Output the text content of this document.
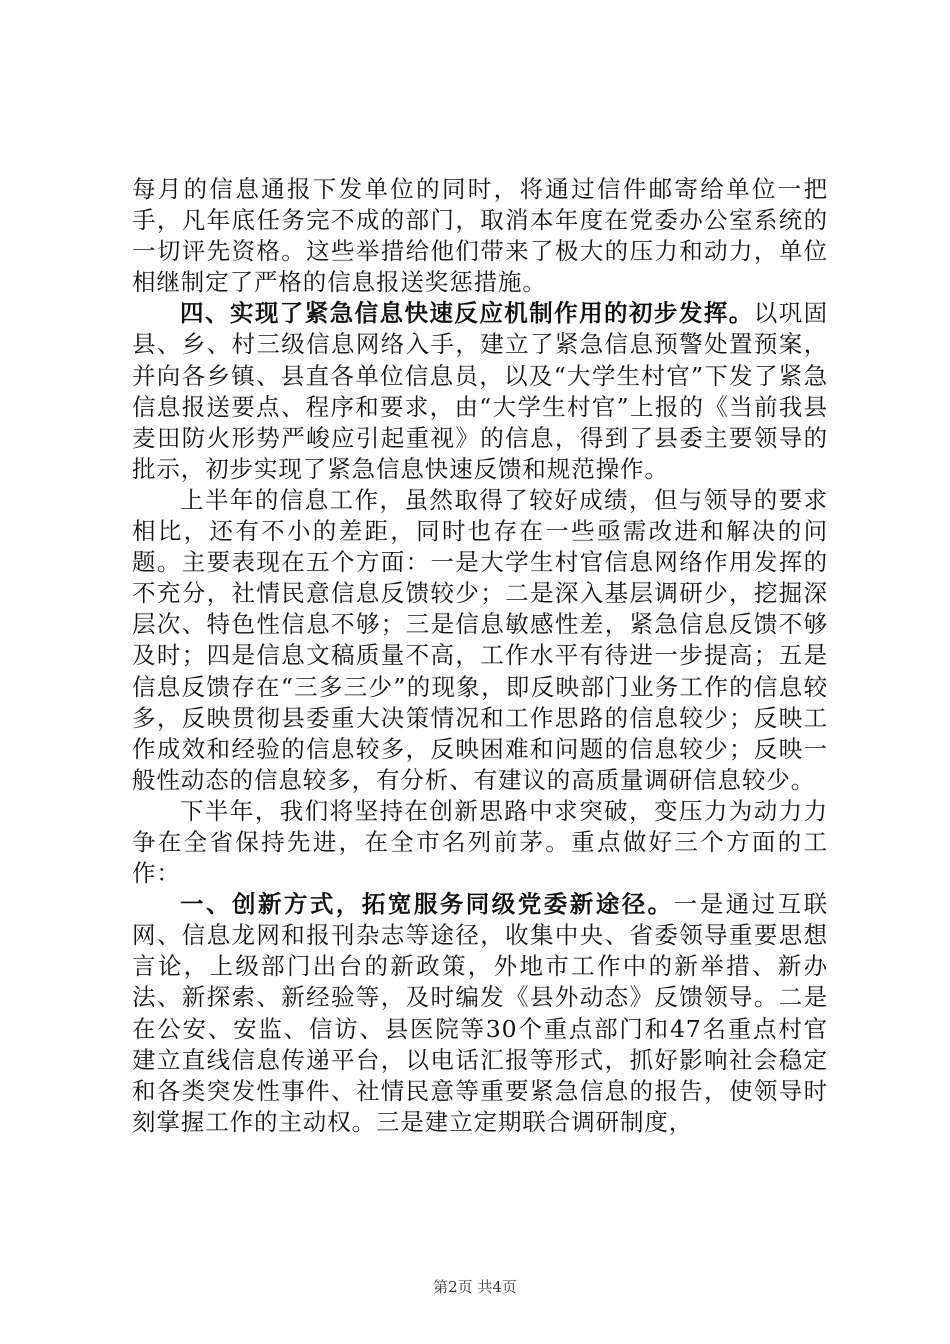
每月的信息通报下发单位的同时，将通过信件邮寄给单位一把手，凡年底任务完不成的部门，取消本年度在党委办公室系统的一切评先资格。这些举措给他们带来了极大的压力和动力，单位相继制定了严格的信息报送奖惩措施。

四、实现了紧急信息快速反应机制作用的初步发挥。以巩固县、乡、村三级信息网络入手，建立了紧急信息预警处置预案，并向各乡镇、县直各单位信息员，以及“大学生村官”下发了紧急信息报送要点、程序和要求，由“大学生村官”上报的《当前我县麦田防火形势严峻应引起重视》的信息，得到了县委主要领导的批示，初步实现了紧急信息快速反馈和规范操作。

上半年的信息工作，虽然取得了较好成绩，但与领导的要求相比，还有不小的差距，同时也存在一些亟需改进和解决的问题。主要表现在五个方面：一是大学生村官信息网络作用发挥的不充分，社情民意信息反馈较少；二是深入基层调研少，挖掘深层次、特色性信息不够；三是信息敏感性差，紧急信息反馈不够及时；四是信息文稿质量不高，工作水平有待进一步提高；五是信息反馈存在“三多三少”的现象，即反映部门业务工作的信息较多，反映贯彻县委重大决策情况和工作思路的信息较少；反映工作成效和经验的信息较多，反映困难和问题的信息较少；反映一般性动态的信息较多，有分析、有建议的高质量调研信息较少。

下半年，我们将坚持在创新思路中求突破，变压力为动力力争在全省保持先进，在全市名列前茅。重点做好三个方面的工作：

一、创新方式，拓宽服务同级党委新途径。一是通过互联网、信息龙网和报刊杂志等途径，收集中央、省委领导重要思想言论，上级部门出台的新政策，外地市工作中的新举措、新办法、新探索、新经验等，及时编发《县外动态》反馈领导。二是在公安、安监、信访、县医院等30个重点部门和47名重点村官建立直线信息传递平台，以电话汇报等形式，抓好影响社会稳定和各类突发性事件、社情民意等重要紧急信息的报告，使领导时刻掌握工作的主动权。三是建立定期联合调研制度，

第2页 共4页
